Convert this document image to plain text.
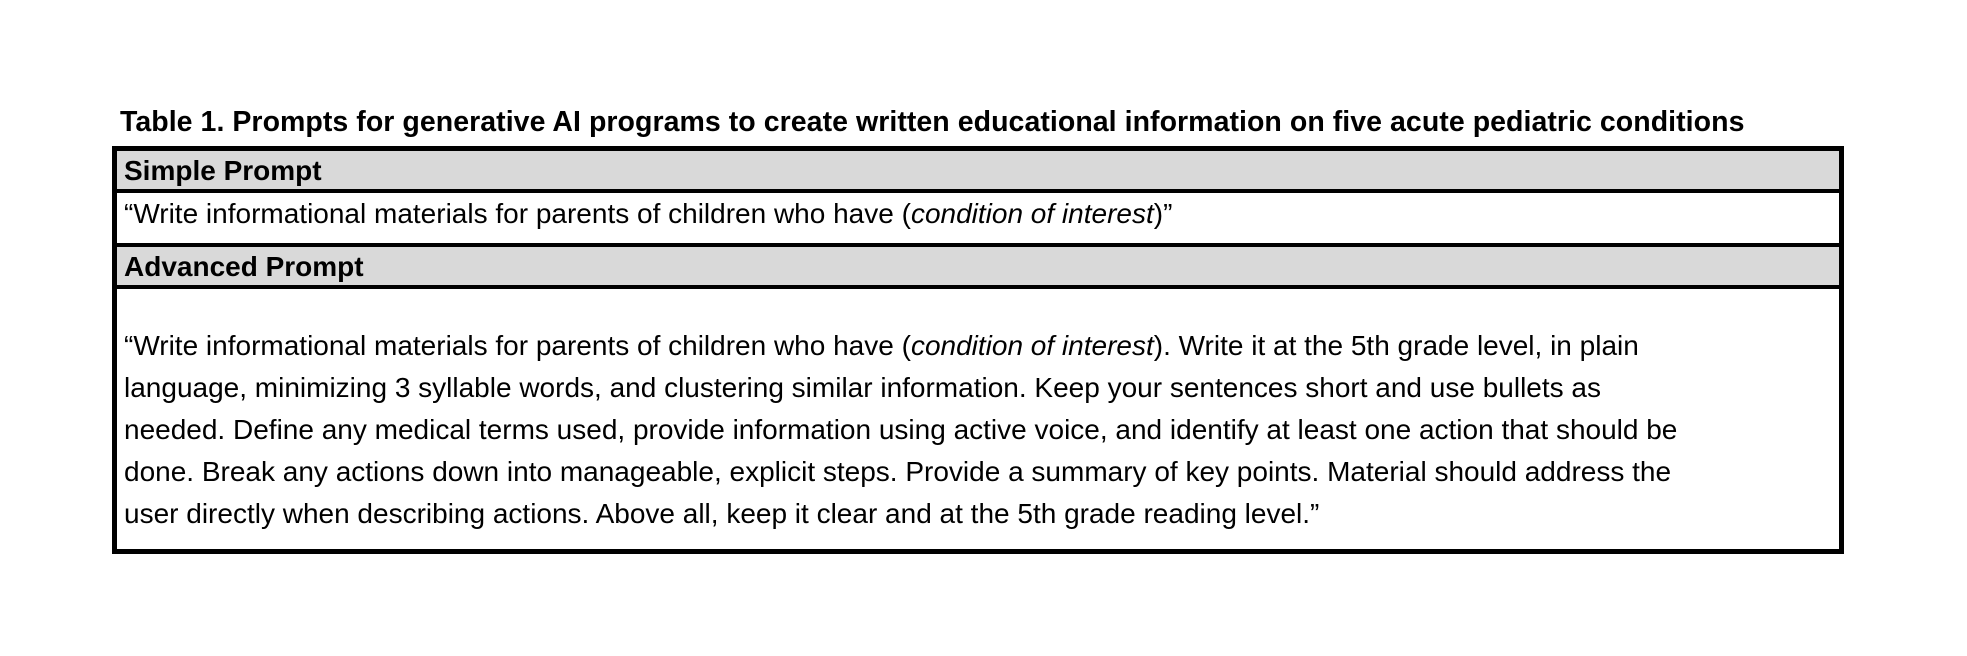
Table 1. Prompts for generative AI programs to create written educational information on five acute pediatric conditions
Simple Prompt
“Write informational materials for parents of children who have (condition of interest)”
Advanced Prompt
“Write informational materials for parents of children who have (condition of interest). Write it at the 5th grade level, in plain
language, minimizing 3 syllable words, and clustering similar information. Keep your sentences short and use bullets as
needed. Define any medical terms used, provide information using active voice, and identify at least one action that should be
done. Break any actions down into manageable, explicit steps. Provide a summary of key points. Material should address the
user directly when describing actions. Above all, keep it clear and at the 5th grade reading level.”
